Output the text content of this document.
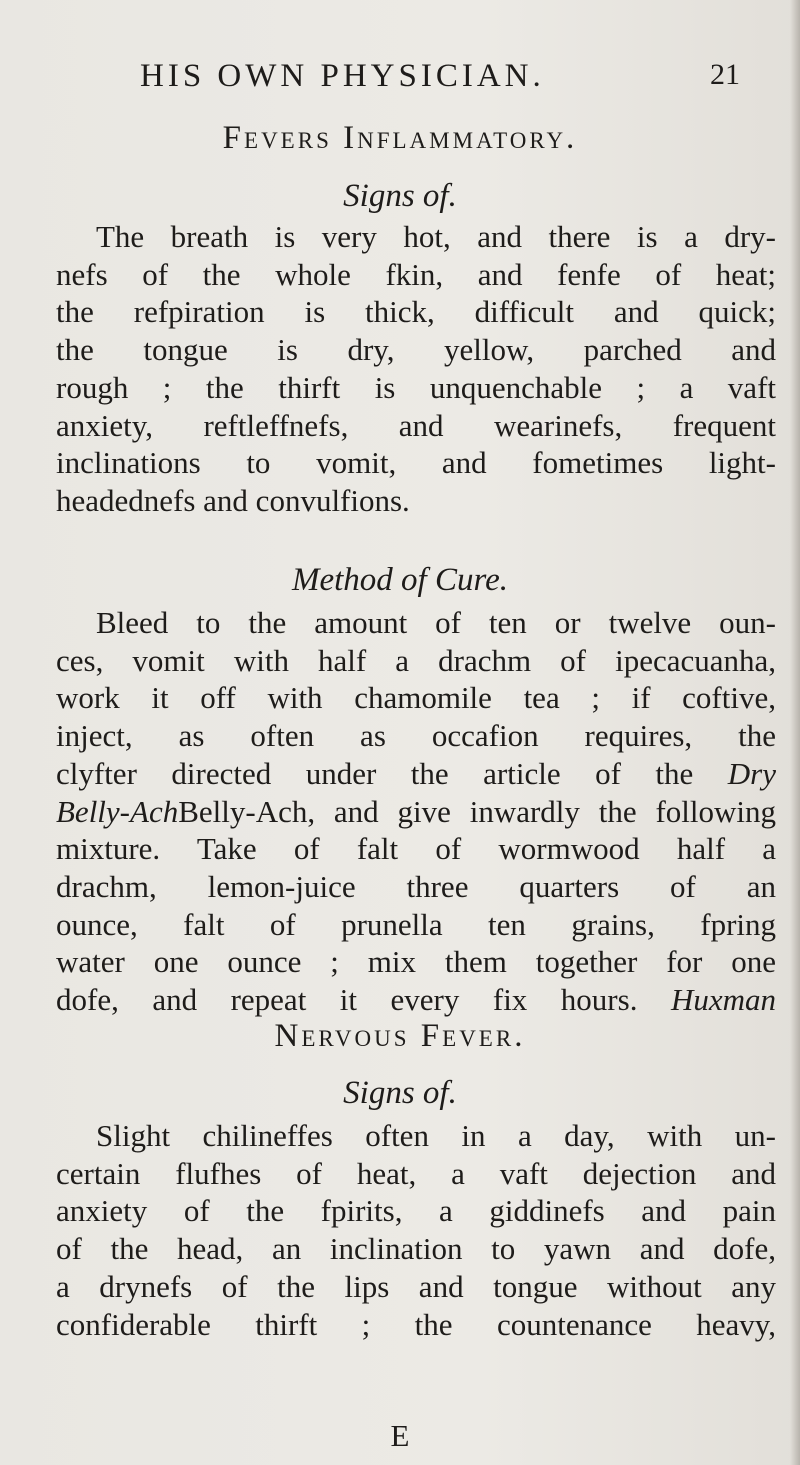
HIS OWN PHYSICIAN.	21
Fevers Inflammatory.
Signs of.
The breath is very hot, and there is a dry-
nefs of the whole fkin, and fenfe of heat;
the refpiration is thick, difficult and quick;
the tongue is dry, yellow, parched and
rough ; the thirft is unquenchable ; a vaft
anxiety, reftleffnefs, and wearinefs, frequent
inclinations to vomit, and fometimes light-
headednefs and convulfions.
Method of Cure.
Bleed to the amount of ten or twelve oun-
ces, vomit with half a drachm of ipecacuanha,
work it off with chamomile tea ; if coftive,
inject, as often as occafion requires, the
clyfter directed under the article of the Dry
Belly-AchBelly-Ach, and give inwardly the following
mixture. Take of falt of wormwood half a
drachm, lemon-juice three quarters of an
ounce, falt of prunella ten grains, fpring
water one ounce ; mix them together for one
dofe, and repeat it every fix hours. Huxman
Nervous Fever.
Signs of.
Slight chilineffes often in a day, with un-
certain flufhes of heat, a vaft dejection and
anxiety of the fpirits, a giddinefs and pain
of the head, an inclination to yawn and dofe,
a drynefs of the lips and tongue without any
confiderable thirft ; the countenance heavy,
E
